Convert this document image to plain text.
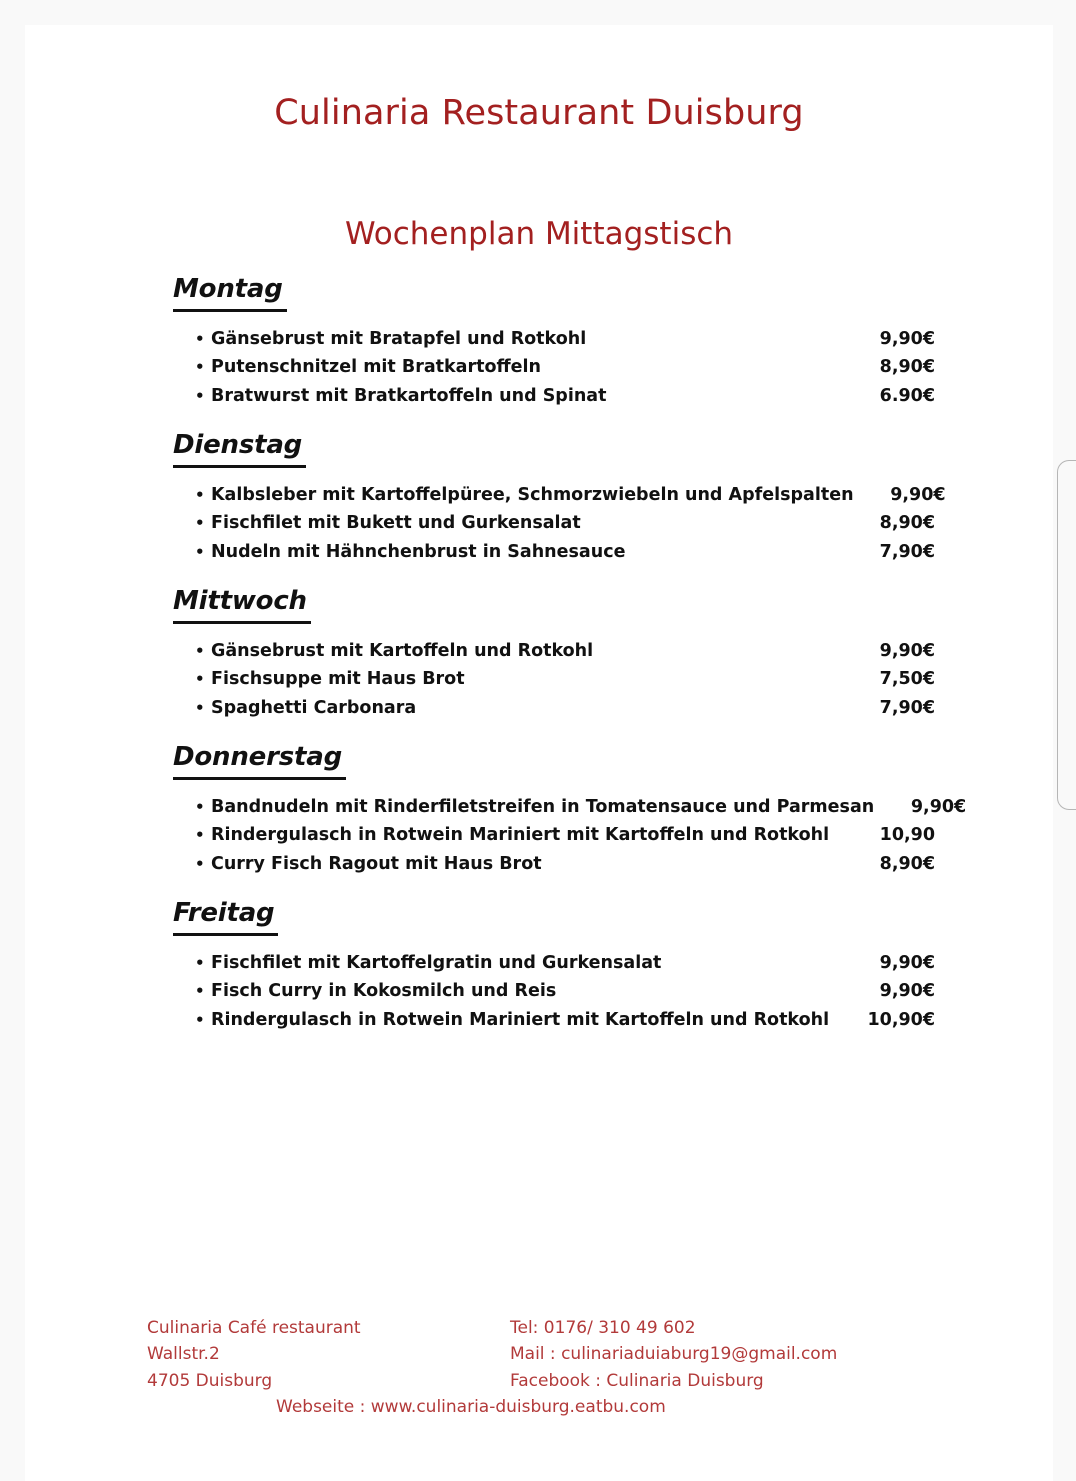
Culinaria Restaurant Duisburg
Wochenplan Mittagstisch
Montag
• Gänsebrust mit Bratapfel und Rotkohl	9,90€
• Putenschnitzel mit Bratkartoffeln	8,90€
• Bratwurst mit Bratkartoffeln und Spinat	6.90€
Dienstag
• Kalbsleber mit Kartoffelpüree, Schmorzwiebeln und Apfelspalten	9,90€
• Fischfilet mit Bukett und Gurkensalat	8,90€
• Nudeln mit Hähnchenbrust in Sahnesauce	7,90€
Mittwoch
• Gänsebrust mit Kartoffeln und Rotkohl	9,90€
• Fischsuppe mit Haus Brot	7,50€
• Spaghetti Carbonara	7,90€
Donnerstag
• Bandnudeln mit Rinderfiletstreifen in Tomatensauce und Parmesan	9,90€
• Rindergulasch in Rotwein Mariniert mit Kartoffeln und Rotkohl	10,90
• Curry Fisch Ragout mit Haus Brot	8,90€
Freitag
• Fischfilet mit Kartoffelgratin und Gurkensalat	9,90€
• Fisch Curry in Kokosmilch und Reis	9,90€
• Rindergulasch in Rotwein Mariniert mit Kartoffeln und Rotkohl	10,90€
Culinaria Café restaurant
Wallstr.2
4705 Duisburg
Tel: 0176/ 310 49 602
Mail : culinariaduiaburg19@gmail.com
Facebook : Culinaria Duisburg
Webseite : www.culinaria-duisburg.eatbu.com
